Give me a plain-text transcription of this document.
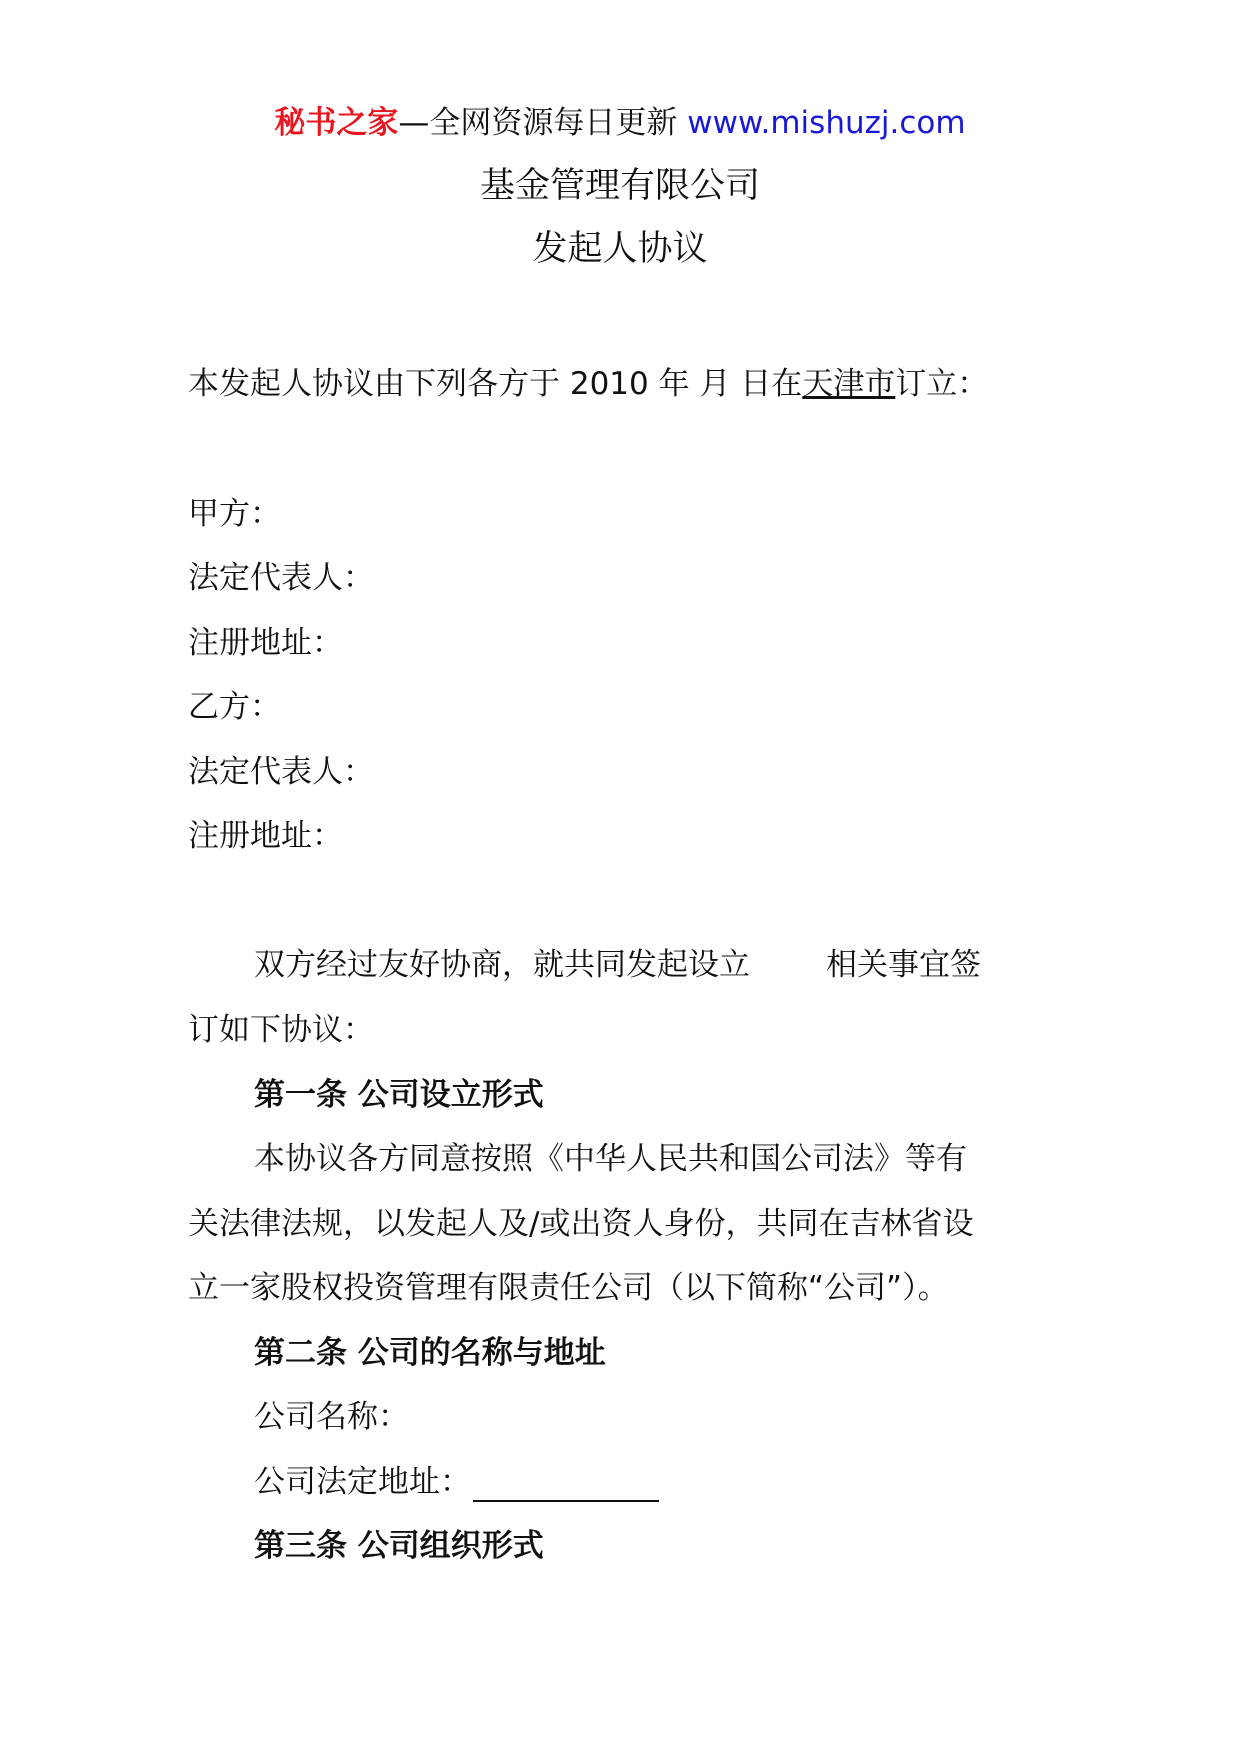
秘书之家—全网资源每日更新 www.mishuzj.com
基金管理有限公司
发起人协议
本发起人协议由下列各方于 2010 年 月 日在天津市订立：
甲方：
法定代表人：
注册地址：
乙方：
法定代表人：
注册地址：
双方经过友好协商，就共同发起设立 相关事宜签
订如下协议：
第一条 公司设立形式
本协议各方同意按照《中华人民共和国公司法》等有
关法律法规，以发起人及/或出资人身份，共同在吉林省设
立一家股权投资管理有限责任公司（以下简称“公司”）。
第二条 公司的名称与地址
公司名称：
公司法定地址：
第三条 公司组织形式
